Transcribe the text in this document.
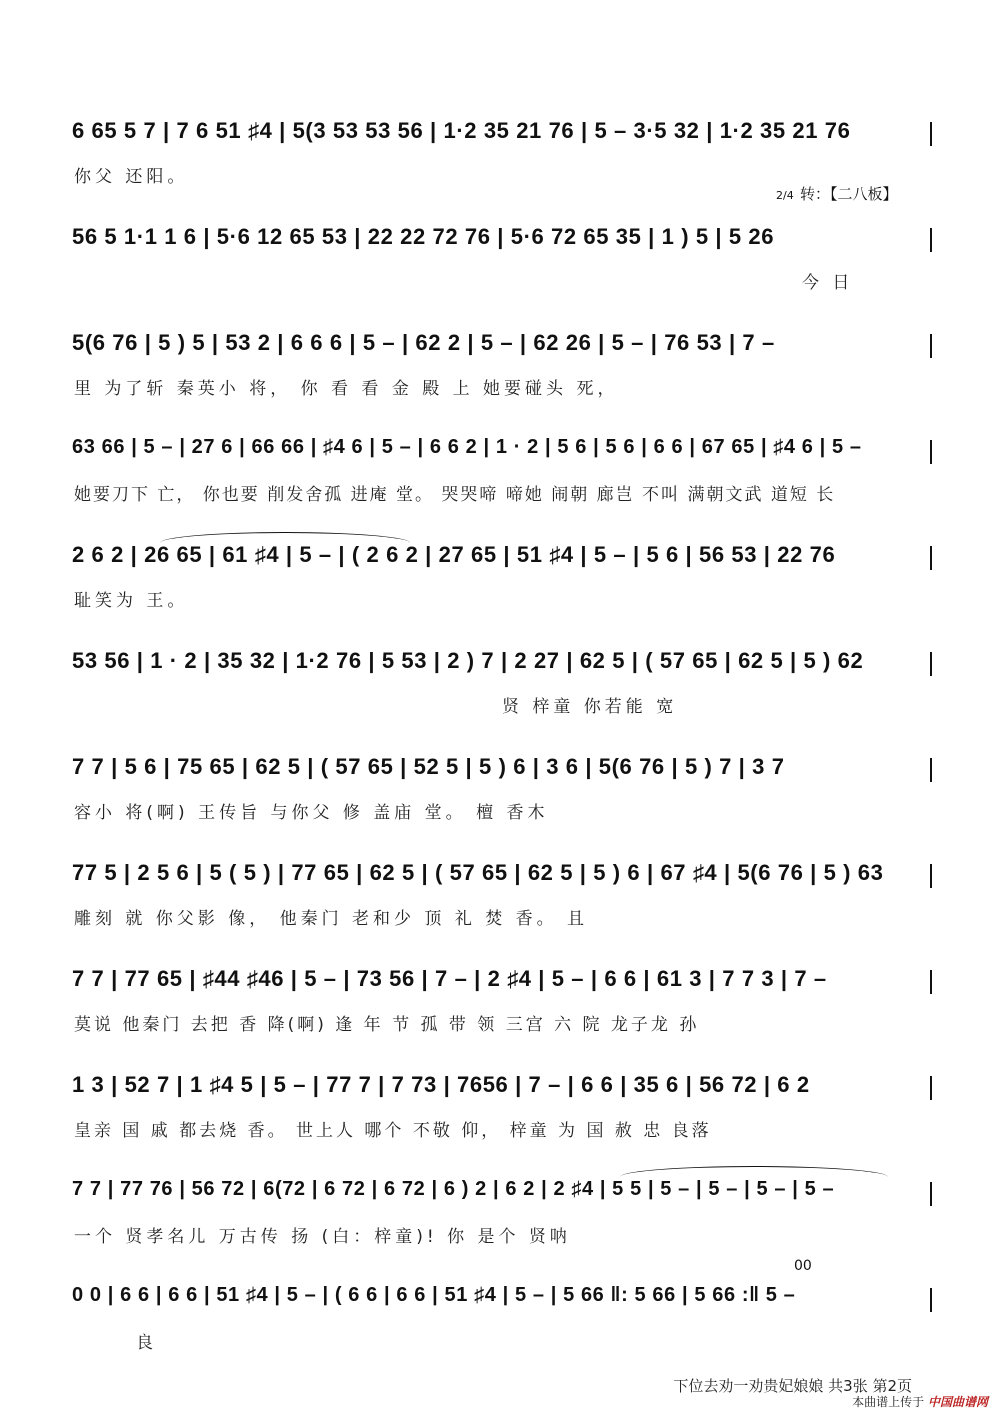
6 65 5 7 | 7 6 51 ♯4 | 5(3 53 53 56 | 1·2 35 21 76 | 5 – 3·5 32 | 1·2 35 21 76
你父 还阳。
2/4 转：【二八板】
56 5 1·1 1 6 | 5·6 12 65 53 | 22 22 72 76 | 5·6 72 65 35 | 1 ) 5 | 5 26
今 日
5(6 76 | 5 ) 5 | 53 2 | 6 6 6 | 5 – | 62 2 | 5 – | 62 26 | 5 – | 76 53 | 7 –
里 为了斩 秦英小 将， 你 看 看 金 殿 上 她要碰头 死，
63 66 | 5 – | 27 6 | 66 66 | ♯4 6 | 5 – | 6 6 2 | 1 · 2 | 5 6 | 5 6 | 6 6 | 67 65 | ♯4 6 | 5 –
她要刀下 亡， 你也要 削发舍孤 进庵 堂。 哭哭啼 啼她 闹朝 廊岂 不叫 满朝文武 道短 长
2 6 2 | 26 65 | 61 ♯4 | 5 – | ( 2 6 2 | 27 65 | 51 ♯4 | 5 – | 5 6 | 56 53 | 22 76
耻笑为 王。
53 56 | 1 · 2 | 35 32 | 1·2 76 | 5 53 | 2 ) 7 | 2 27 | 62 5 | ( 57 65 | 62 5 | 5 ) 62
贤 梓童 你若能 宽
7 7 | 5 6 | 75 65 | 62 5 | ( 57 65 | 52 5 | 5 ) 6 | 3 6 | 5(6 76 | 5 ) 7 | 3 7
容小 将(啊) 王传旨 与你父 修 盖庙 堂。 檀 香木
77 5 | 2 5 6 | 5 ( 5 ) | 77 65 | 62 5 | ( 57 65 | 62 5 | 5 ) 6 | 67 ♯4 | 5(6 76 | 5 ) 63
雕刻 就 你父影 像， 他秦门 老和少 顶 礼 焚 香。 且
7 7 | 77 65 | ♯44 ♯46 | 5 – | 73 56 | 7 – | 2 ♯4 | 5 – | 6 6 | 61 3 | 7 7 3 | 7 –
莫说 他秦门 去把 香 降(啊) 逢 年 节 孤 带 领 三宫 六 院 龙子龙 孙
1 3 | 52 7 | 1 ♯4 5 | 5 – | 77 7 | 7 73 | 7656 | 7 – | 6 6 | 35 6 | 56 72 | 6 2
皇亲 国 戚 都去烧 香。 世上人 哪个 不敬 仰， 梓童 为 国 赦 忠 良落
7 7 | 77 76 | 56 72 | 6(72 | 6 72 | 6 72 | 6 ) 2 | 6 2 | 2 ♯4 | 5 5 | 5 – | 5 – | 5 – | 5 –
一个 贤孝名儿 万古传 扬 (白：梓童)! 你 是个 贤呐
0 0 | 6 6 | 6 6 | 51 ♯4 | 5 – | ( 6 6 | 6 6 | 51 ♯4 | 5 – | 5 66 ‖: 5 66 | 5 66 :‖ 5 –
良
00
下位去劝一劝贵妃娘娘 共3张 第2页
本曲谱上传于 中国曲谱网
